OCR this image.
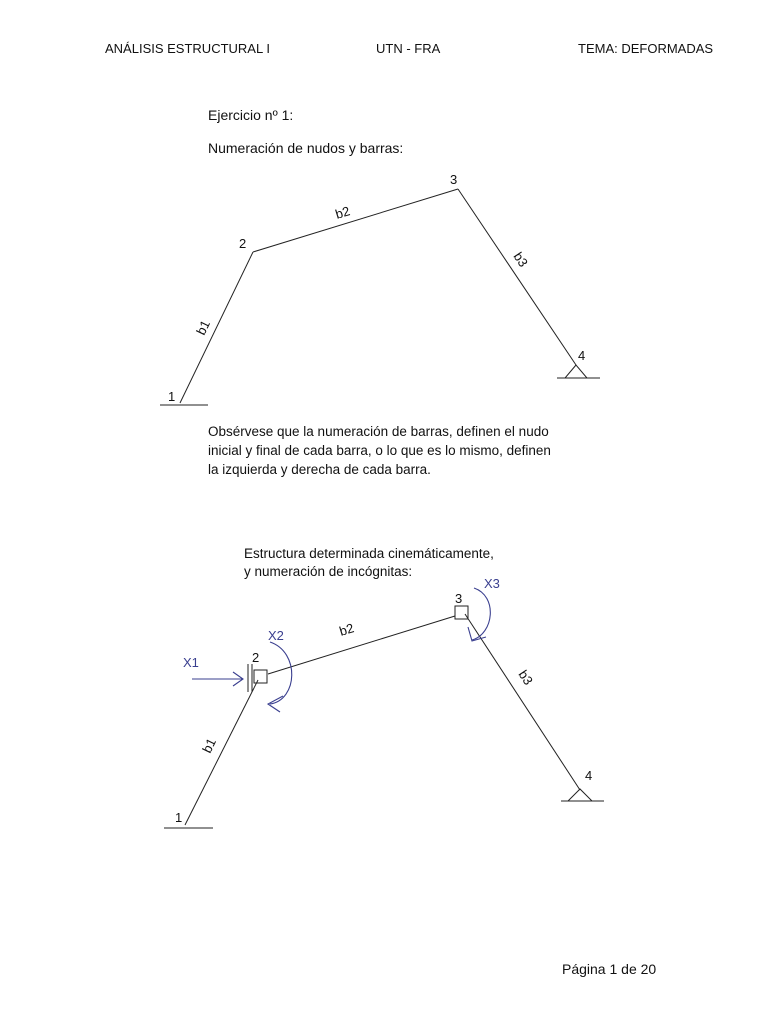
ANÁLISIS ESTRUCTURAL I	UTN - FRA	TEMA: DEFORMADAS
Ejercicio nº 1:
Numeración de nudos y barras:
1
2
3
4
b1
b2
b3
Obsérvese que la numeración de barras, definen el nudo
inicial y final de cada barra, o lo que es lo mismo, definen
la izquierda y derecha de cada barra.
Estructura determinada cinemáticamente,
y numeración de incógnitas:
1
2
3
4
b1
b2
b3
X1
X2
X3
Página 1 de 20
